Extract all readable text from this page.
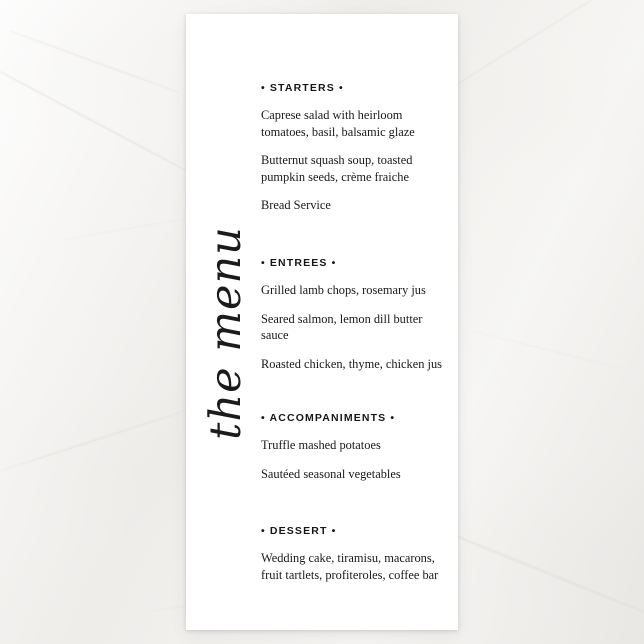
the menu
• STARTERS •
Caprese salad with heirloom tomatoes, basil, balsamic glaze
Butternut squash soup, toasted pumpkin seeds, crème fraiche
Bread Service
• ENTREES •
Grilled lamb chops, rosemary jus
Seared salmon, lemon dill butter sauce
Roasted chicken, thyme, chicken jus
• ACCOMPANIMENTS •
Truffle mashed potatoes
Sautéed seasonal vegetables
• DESSERT •
Wedding cake, tiramisu, macarons, fruit tartlets, profiteroles, coffee bar
